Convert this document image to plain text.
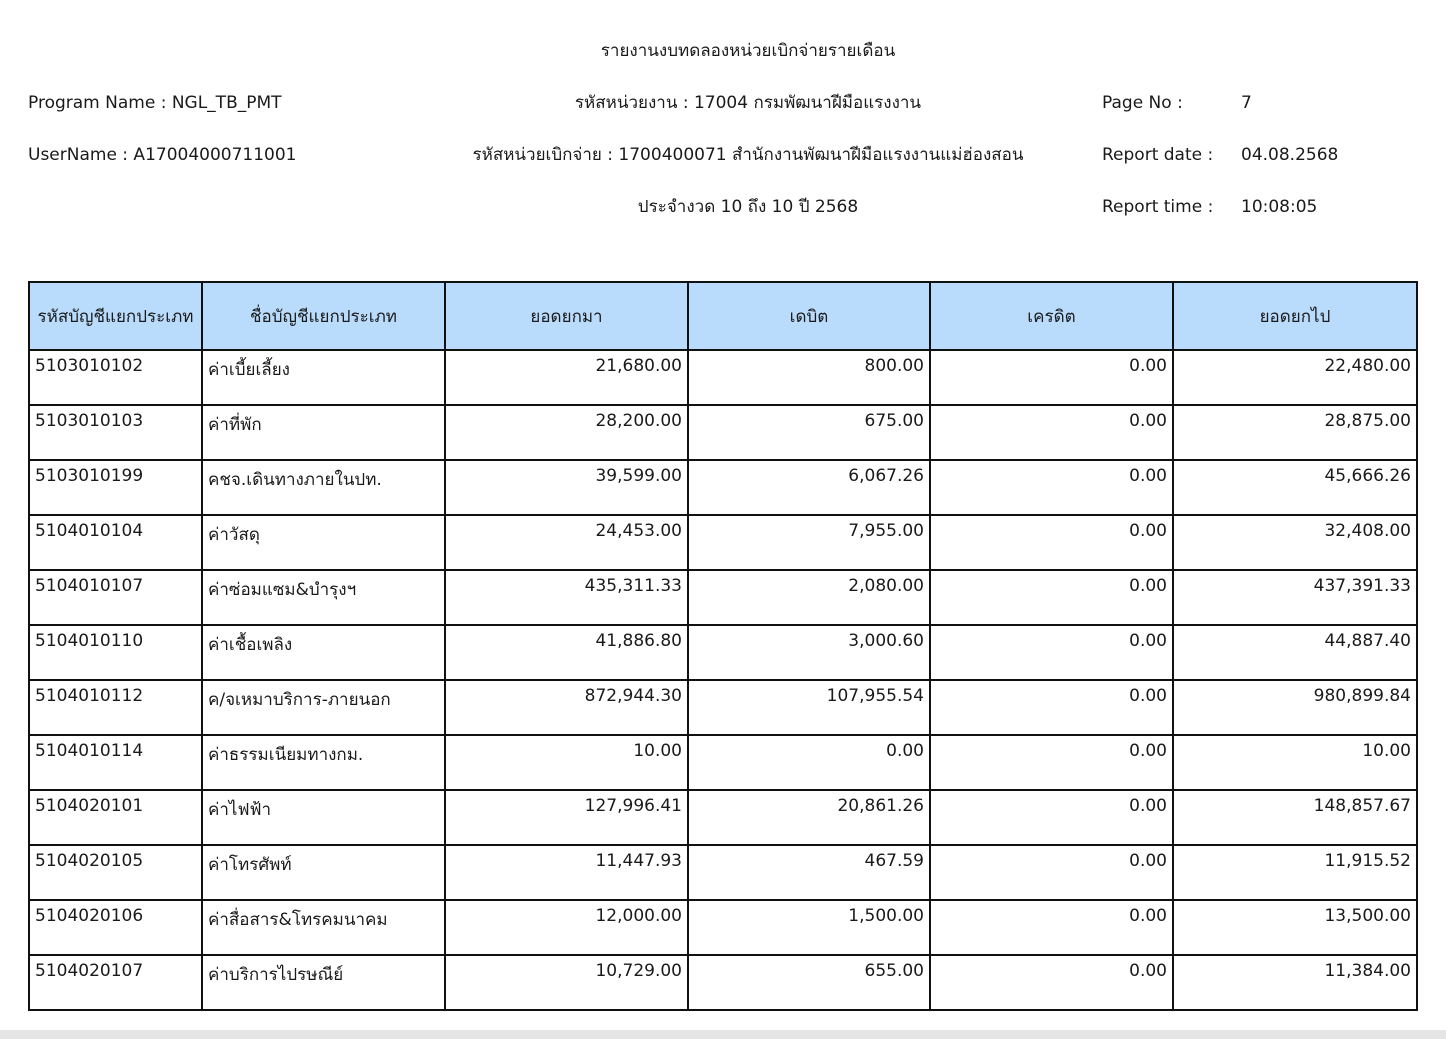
รายงานงบทดลองหน่วยเบิกจ่ายรายเดือน
Program Name : NGL_TB_PMT	รหัสหน่วยงาน : 17004 กรมพัฒนาฝีมือแรงงาน	Page No :	7
UserName : A17004000711001	รหัสหน่วยเบิกจ่าย : 1700400071 สำนักงานพัฒนาฝีมือแรงงานแม่ฮ่องสอน	Report date : 04.08.2568
ประจำงวด 10 ถึง 10 ปี 2568	Report time : 10:08:05
รหัสบัญชีแยกประเภท	ชื่อบัญชีแยกประเภท	ยอดยกมา	เดบิต	เครดิต	ยอดยกไป
5103010102	ค่าเบี้ยเลี้ยง	21,680.00	800.00	0.00	22,480.00
5103010103	ค่าที่พัก	28,200.00	675.00	0.00	28,875.00
5103010199	คชจ.เดินทางภายในปท.	39,599.00	6,067.26	0.00	45,666.26
5104010104	ค่าวัสดุ	24,453.00	7,955.00	0.00	32,408.00
5104010107	ค่าซ่อมแซม&บำรุงฯ	435,311.33	2,080.00	0.00	437,391.33
5104010110	ค่าเชื้อเพลิง	41,886.80	3,000.60	0.00	44,887.40
5104010112	ค/จเหมาบริการ-ภายนอก	872,944.30	107,955.54	0.00	980,899.84
5104010114	ค่าธรรมเนียมทางกม.	10.00	0.00	0.00	10.00
5104020101	ค่าไฟฟ้า	127,996.41	20,861.26	0.00	148,857.67
5104020105	ค่าโทรศัพท์	11,447.93	467.59	0.00	11,915.52
5104020106	ค่าสื่อสาร&โทรคมนาคม	12,000.00	1,500.00	0.00	13,500.00
5104020107	ค่าบริการไปรษณีย์	10,729.00	655.00	0.00	11,384.00
